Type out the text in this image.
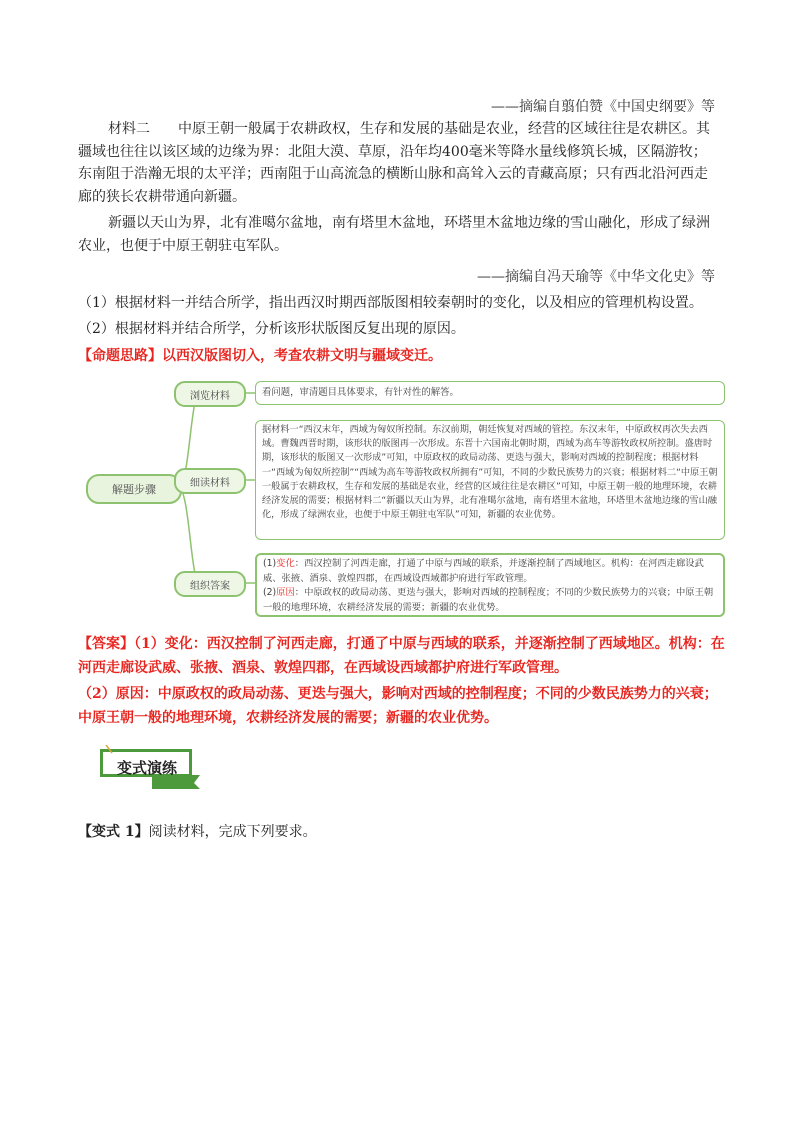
——摘编自翦伯赞《中国史纲要》等
材料二　　中原王朝一般属于农耕政权，生存和发展的基础是农业，经营的区域往往是农耕区。其疆域也往往以该区域的边缘为界：北阻大漠、草原，沿年均400毫米等降水量线修筑长城，区隔游牧；东南阻于浩瀚无垠的太平洋；西南阻于山高流急的横断山脉和高耸入云的青藏高原；只有西北沿河西走廊的狭长农耕带通向新疆。
新疆以天山为界，北有准噶尔盆地，南有塔里木盆地，环塔里木盆地边缘的雪山融化，形成了绿洲农业，也便于中原王朝驻屯军队。
——摘编自冯天瑜等《中华文化史》等
（1）根据材料一并结合所学，指出西汉时期西部版图相较秦朝时的变化，以及相应的管理机构设置。
（2）根据材料并结合所学，分析该形状版图反复出现的原因。
【命题思路】以西汉版图切入，考查农耕文明与疆域变迁。
解题步骤
浏览材料	看问题，审清题目具体要求，有针对性的解答。
细读材料
据材料一“西汉末年，西域为匈奴所控制。东汉前期，朝廷恢复对西域的管控。东汉末年，中原政权再次失去西域。曹魏西晋时期，该形状的版图再一次形成。东晋十六国南北朝时期，西域为高车等游牧政权所控制。盛唐时期，该形状的版图又一次形成”可知，中原政权的政局动荡、更迭与强大，影响对西域的控制程度；根据材料一“西域为匈奴所控制”“西域为高车等游牧政权所拥有”可知，不同的少数民族势力的兴衰；根据材料二“中原王朝一般属于农耕政权，生存和发展的基础是农业，经营的区域往往是农耕区”可知，中原王朝一般的地理环境，农耕经济发展的需要；根据材料二“新疆以天山为界，北有准噶尔盆地，南有塔里木盆地，环塔里木盆地边缘的雪山融化，形成了绿洲农业，也便于中原王朝驻屯军队”可知，新疆的农业优势。
组织答案
(1)变化：西汉控制了河西走廊，打通了中原与西域的联系，并逐渐控制了西域地区。机构：在河西走廊设武威、张掖、酒泉、敦煌四郡，在西域设西域都护府进行军政管理。
(2)原因：中原政权的政局动荡、更迭与强大，影响对西域的控制程度；不同的少数民族势力的兴衰；中原王朝一般的地理环境，农耕经济发展的需要；新疆的农业优势。
【答案】（1）变化：西汉控制了河西走廊，打通了中原与西域的联系，并逐渐控制了西域地区。机构：在河西走廊设武威、张掖、酒泉、敦煌四郡，在西域设西域都护府进行军政管理。
（2）原因：中原政权的政局动荡、更迭与强大，影响对西域的控制程度；不同的少数民族势力的兴衰；中原王朝一般的地理环境，农耕经济发展的需要；新疆的农业优势。
变式演练
【变式 1】阅读材料，完成下列要求。
